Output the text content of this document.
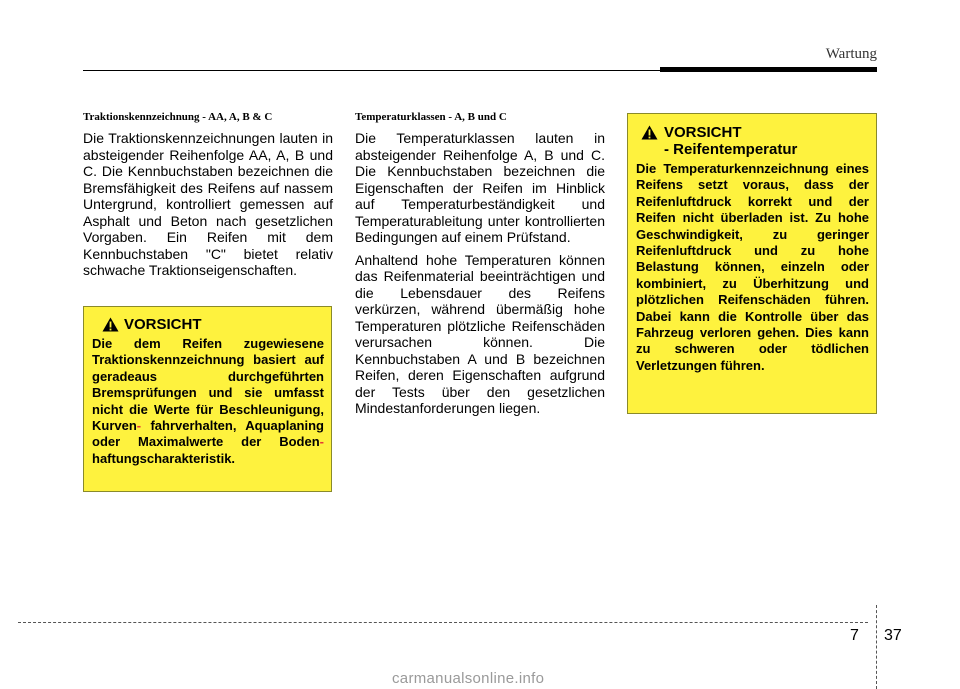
Wartung
Traktionskennzeichnung - AA, A, B & C

Die Traktionskennzeichnungen lauten in absteigender Reihenfolge AA, A, B und C. Die Kennbuchstaben bezeichnen die Bremsfähigkeit des Reifens auf nassem Untergrund, kontrolliert gemessen auf Asphalt und Beton nach gesetzlichen Vorgaben. Ein Reifen mit dem Kennbuchstaben "C" bietet relativ schwache Traktionseigenschaften.

VORSICHT

Die dem Reifen zugewiesene Traktionskennzeichnung basiert auf geradeaus durchgeführten Bremsprüfungen und sie umfasst nicht die Werte für Beschleunigung, Kurven- fahrverhalten, Aquaplaning oder Maximalwerte der Boden- haftungscharakteristik.

Temperaturklassen - A, B und C

Die Temperaturklassen lauten in absteigender Reihenfolge A, B und C. Die Kennbuchstaben bezeichnen die Eigenschaften der Reifen im Hinblick auf Temperaturbeständigkeit und Temperaturableitung unter kontrollierten Bedingungen auf einem Prüfstand.

Anhaltend hohe Temperaturen können das Reifenmaterial beeinträchtigen und die Lebensdauer des Reifens verkürzen, während übermäßig hohe Temperaturen plötzliche Reifenschäden verursachen können. Die Kennbuchstaben A und B bezeichnen Reifen, deren Eigenschaften aufgrund der Tests über den gesetzlichen Mindestanforderungen liegen.

VORSICHT
- Reifentemperatur

Die Temperaturkennzeichnung eines Reifens setzt voraus, dass der Reifenluftdruck korrekt und der Reifen nicht überladen ist. Zu hohe Geschwindigkeit, zu geringer Reifenluftdruck und zu hohe Belastung können, einzeln oder kombiniert, zu Überhitzung und plötzlichen Reifenschäden führen. Dabei kann die Kontrolle über das Fahrzeug verloren gehen. Dies kann zu schweren oder tödlichen Verletzungen führen.

7 37
carmanualsonline.info
